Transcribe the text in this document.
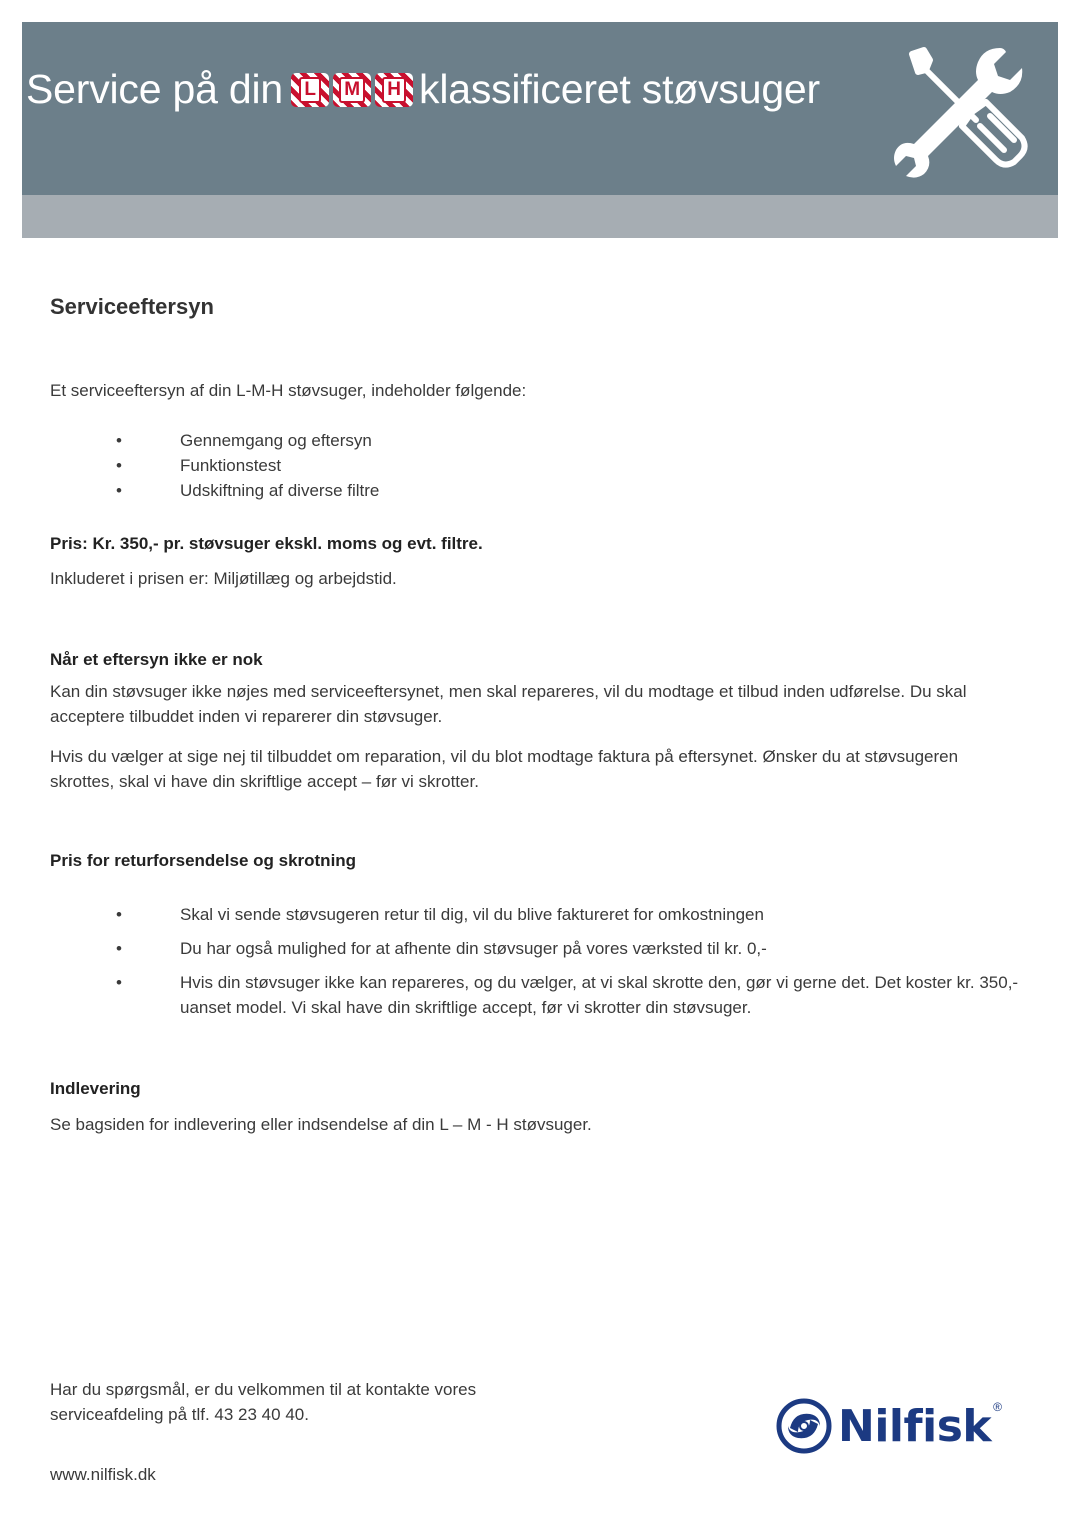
Service på din L M H klassificeret støvsuger
Serviceeftersyn

Et serviceeftersyn af din L-M-H støvsuger, indeholder følgende:

• Gennemgang og eftersyn
• Funktionstest
• Udskiftning af diverse filtre

Pris: Kr. 350,- pr. støvsuger ekskl. moms og evt. filtre.

Inkluderet i prisen er: Miljøtillæg og arbejdstid.

Når et eftersyn ikke er nok

Kan din støvsuger ikke nøjes med serviceeftersynet, men skal repareres, vil du modtage et tilbud inden udførelse. Du skal acceptere tilbuddet inden vi reparerer din støvsuger.

Hvis du vælger at sige nej til tilbuddet om reparation, vil du blot modtage faktura på eftersynet. Ønsker du at støvsugeren skrottes, skal vi have din skriftlige accept – før vi skrotter.

Pris for returforsendelse og skrotning

• Skal vi sende støvsugeren retur til dig, vil du blive faktureret for omkostningen
• Du har også mulighed for at afhente din støvsuger på vores værksted til kr. 0,-
• Hvis din støvsuger ikke kan repareres, og du vælger, at vi skal skrotte den, gør vi gerne det. Det koster kr. 350,- uanset model. Vi skal have din skriftlige accept, før vi skrotter din støvsuger.

Indlevering

Se bagsiden for indlevering eller indsendelse af din L – M - H støvsuger.

Har du spørgsmål, er du velkommen til at kontakte vores serviceafdeling på tlf. 43 23 40 40.

www.nilfisk.dk

Nilfisk ®
